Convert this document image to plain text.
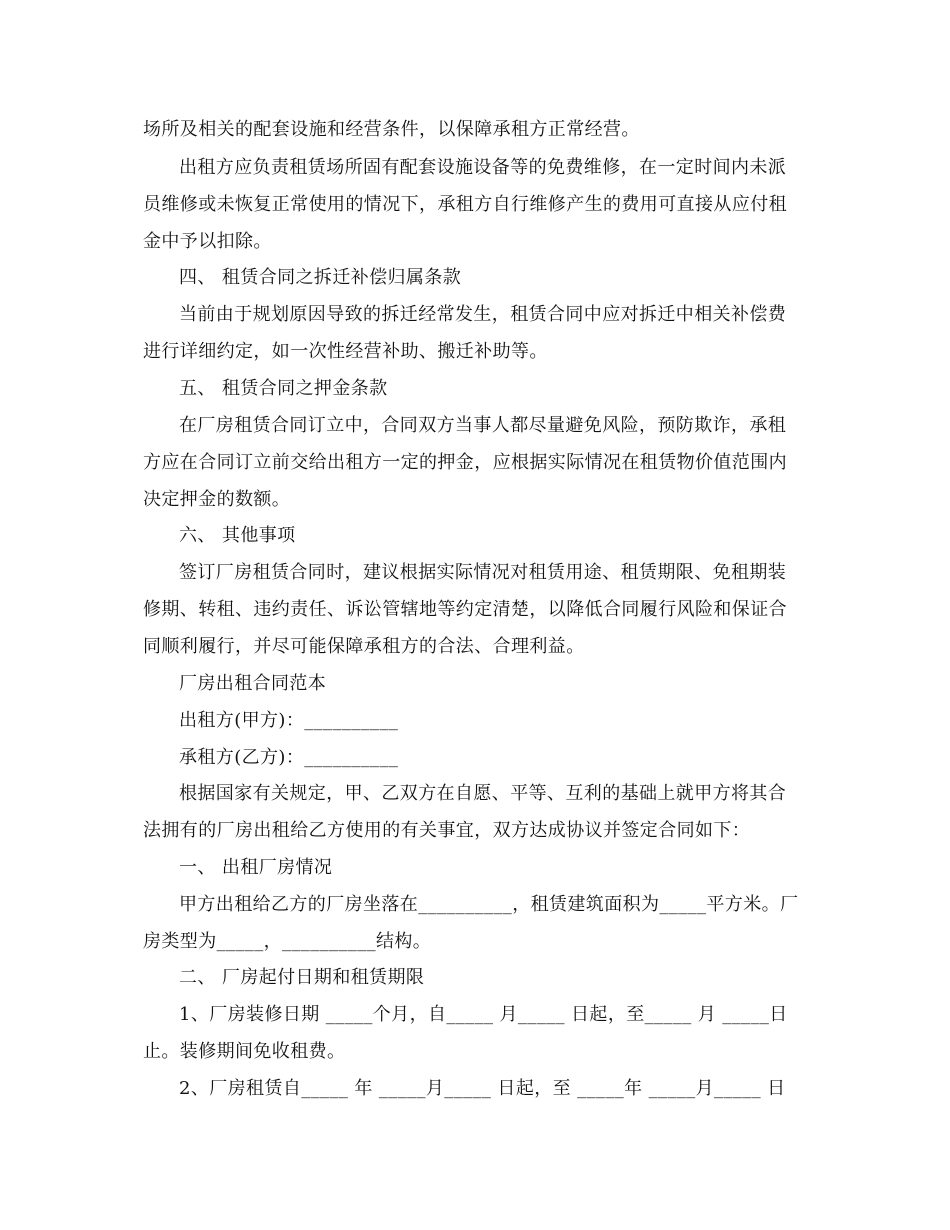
场所及相关的配套设施和经营条件，以保障承租方正常经营。
出租方应负责租赁场所固有配套设施设备等的免费维修，在一定时间内未派
员维修或未恢复正常使用的情况下，承租方自行维修产生的费用可直接从应付租
金中予以扣除。
四、 租赁合同之拆迁补偿归属条款
当前由于规划原因导致的拆迁经常发生，租赁合同中应对拆迁中相关补偿费
进行详细约定，如一次性经营补助、搬迁补助等。
五、 租赁合同之押金条款
在厂房租赁合同订立中，合同双方当事人都尽量避免风险，预防欺诈，承租
方应在合同订立前交给出租方一定的押金，应根据实际情况在租赁物价值范围内
决定押金的数额。
六、 其他事项
签订厂房租赁合同时，建议根据实际情况对租赁用途、租赁期限、免租期装
修期、转租、违约责任、诉讼管辖地等约定清楚，以降低合同履行风险和保证合
同顺利履行，并尽可能保障承租方的合法、合理利益。
厂房出租合同范本
出租方(甲方)：__________
承租方(乙方)：__________
根据国家有关规定，甲、乙双方在自愿、平等、互利的基础上就甲方将其合
法拥有的厂房出租给乙方使用的有关事宜，双方达成协议并签定合同如下：
一、 出租厂房情况
甲方出租给乙方的厂房坐落在__________，租赁建筑面积为_____平方米。厂
房类型为_____，__________结构。
二、 厂房起付日期和租赁期限
1、厂房装修日期 _____个月，自_____ 月_____ 日起，至_____ 月 _____日
止。装修期间免收租费。
2、厂房租赁自_____ 年 _____月_____ 日起，至 _____年 _____月_____ 日
